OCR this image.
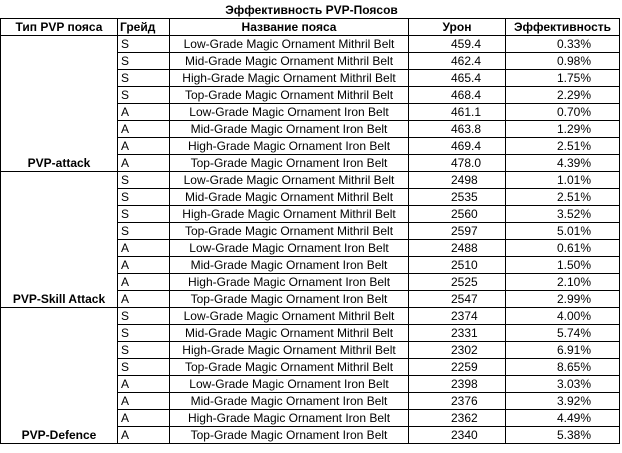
	Эффективность PVP-Поясов			
Тип PVP пояса	Грейд	Название пояса	Урон	Эффективность
PVP-attack	S	Low-Grade Magic Ornament Mithril Belt	459.4	0.33%
	S	Mid-Grade Magic Ornament Mithril Belt	462.4	0.98%
	S	High-Grade Magic Ornament Mithril Belt	465.4	1.75%
	S	Top-Grade Magic Ornament Mithril Belt	468.4	2.29%
	A	Low-Grade Magic Ornament Iron Belt	461.1	0.70%
	A	Mid-Grade Magic Ornament Iron Belt	463.8	1.29%
	A	High-Grade Magic Ornament Iron Belt	469.4	2.51%
	A	Top-Grade Magic Ornament Iron Belt	478.0	4.39%
PVP-Skill Attack	S	Low-Grade Magic Ornament Mithril Belt	2498	1.01%
	S	Mid-Grade Magic Ornament Mithril Belt	2535	2.51%
	S	High-Grade Magic Ornament Mithril Belt	2560	3.52%
	S	Top-Grade Magic Ornament Mithril Belt	2597	5.01%
	A	Low-Grade Magic Ornament Iron Belt	2488	0.61%
	A	Mid-Grade Magic Ornament Iron Belt	2510	1.50%
	A	High-Grade Magic Ornament Iron Belt	2525	2.10%
	A	Top-Grade Magic Ornament Iron Belt	2547	2.99%
PVP-Defence	S	Low-Grade Magic Ornament Mithril Belt	2374	4.00%
	S	Mid-Grade Magic Ornament Mithril Belt	2331	5.74%
	S	High-Grade Magic Ornament Mithril Belt	2302	6.91%
	S	Top-Grade Magic Ornament Mithril Belt	2259	8.65%
	A	Low-Grade Magic Ornament Iron Belt	2398	3.03%
	A	Mid-Grade Magic Ornament Iron Belt	2376	3.92%
	A	High-Grade Magic Ornament Iron Belt	2362	4.49%
	A	Top-Grade Magic Ornament Iron Belt	2340	5.38%
